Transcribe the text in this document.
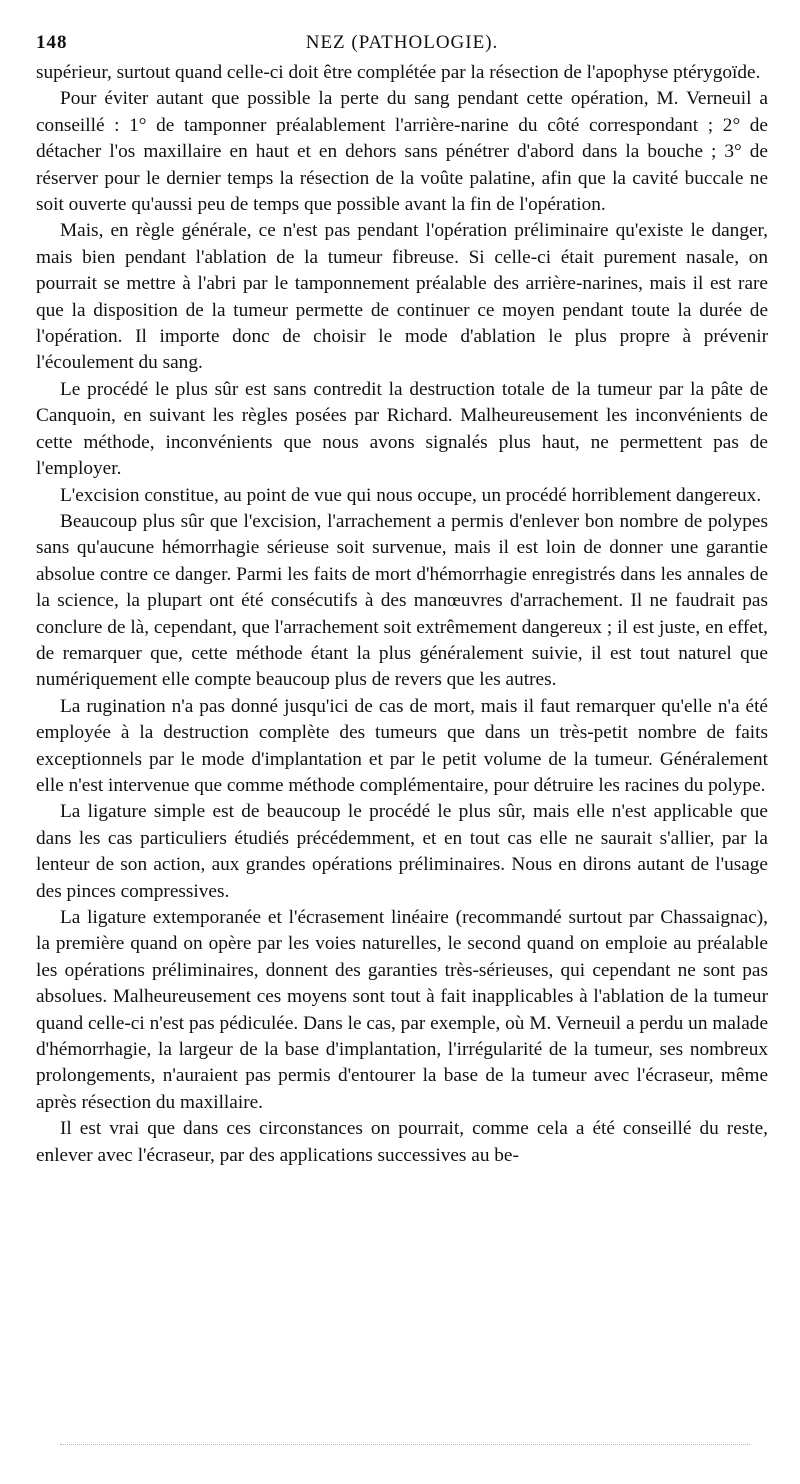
148	NEZ (PATHOLOGIE).

supérieur, surtout quand celle-ci doit être complétée par la résection de l'apophyse ptérygoïde.

Pour éviter autant que possible la perte du sang pendant cette opération, M. Verneuil a conseillé : 1° de tamponner préalablement l'arrière-narine du côté correspondant ; 2° de détacher l'os maxillaire en haut et en dehors sans pénétrer d'abord dans la bouche ; 3° de réserver pour le dernier temps la résection de la voûte palatine, afin que la cavité buccale ne soit ouverte qu'aussi peu de temps que possible avant la fin de l'opération.

Mais, en règle générale, ce n'est pas pendant l'opération préliminaire qu'existe le danger, mais bien pendant l'ablation de la tumeur fibreuse. Si celle-ci était purement nasale, on pourrait se mettre à l'abri par le tamponnement préalable des arrière-narines, mais il est rare que la disposition de la tumeur permette de continuer ce moyen pendant toute la durée de l'opération. Il importe donc de choisir le mode d'ablation le plus propre à prévenir l'écoulement du sang.

Le procédé le plus sûr est sans contredit la destruction totale de la tumeur par la pâte de Canquoin, en suivant les règles posées par Richard. Malheureusement les inconvénients de cette méthode, inconvénients que nous avons signalés plus haut, ne permettent pas de l'employer.

L'excision constitue, au point de vue qui nous occupe, un procédé horriblement dangereux.

Beaucoup plus sûr que l'excision, l'arrachement a permis d'enlever bon nombre de polypes sans qu'aucune hémorrhagie sérieuse soit survenue, mais il est loin de donner une garantie absolue contre ce danger. Parmi les faits de mort d'hémorrhagie enregistrés dans les annales de la science, la plupart ont été consécutifs à des manœuvres d'arrachement. Il ne faudrait pas conclure de là, cependant, que l'arrachement soit extrêmement dangereux ; il est juste, en effet, de remarquer que, cette méthode étant la plus généralement suivie, il est tout naturel que numériquement elle compte beaucoup plus de revers que les autres.

La rugination n'a pas donné jusqu'ici de cas de mort, mais il faut remarquer qu'elle n'a été employée à la destruction complète des tumeurs que dans un très-petit nombre de faits exceptionnels par le mode d'implantation et par le petit volume de la tumeur. Généralement elle n'est intervenue que comme méthode complémentaire, pour détruire les racines du polype.

La ligature simple est de beaucoup le procédé le plus sûr, mais elle n'est applicable que dans les cas particuliers étudiés précédemment, et en tout cas elle ne saurait s'allier, par la lenteur de son action, aux grandes opérations préliminaires. Nous en dirons autant de l'usage des pinces compressives.

La ligature extemporanée et l'écrasement linéaire (recommandé surtout par Chassaignac), la première quand on opère par les voies naturelles, le second quand on emploie au préalable les opérations préliminaires, donnent des garanties très-sérieuses, qui cependant ne sont pas absolues. Malheureusement ces moyens sont tout à fait inapplicables à l'ablation de la tumeur quand celle-ci n'est pas pédiculée. Dans le cas, par exemple, où M. Verneuil a perdu un malade d'hémorrhagie, la largeur de la base d'implantation, l'irrégularité de la tumeur, ses nombreux prolongements, n'auraient pas permis d'entourer la base de la tumeur avec l'écraseur, même après résection du maxillaire.

Il est vrai que dans ces circonstances on pourrait, comme cela a été conseillé du reste, enlever avec l'écraseur, par des applications successives au be-
